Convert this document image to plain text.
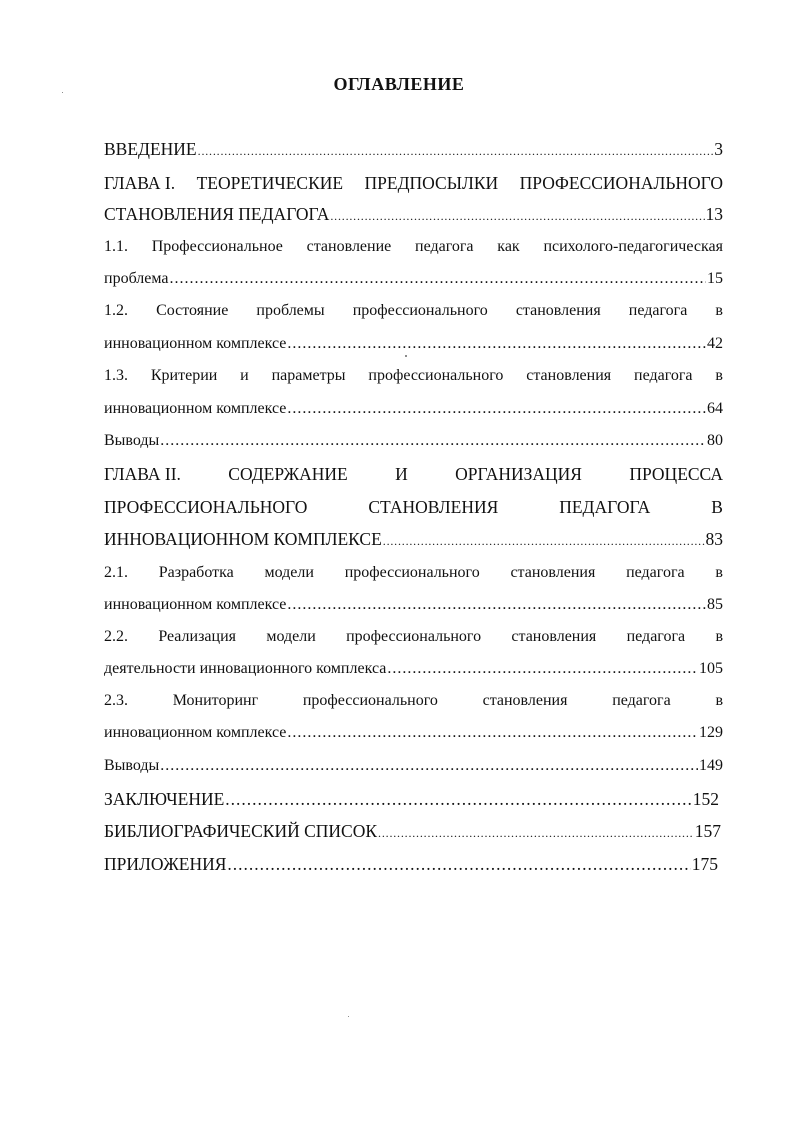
ОГЛАВЛЕНИЕ
ВВЕДЕНИЕ .....	3
ГЛАВА I. ТЕОРЕТИЧЕСКИЕ ПРЕДПОСЫЛКИ ПРОФЕССИОНАЛЬНОГО
СТАНОВЛЕНИЯ ПЕДАГОГА .....	13
1.1. Профессиональное становление педагога как психолого-педагогическая
проблема .....	15
1.2. Состояние проблемы профессионального становления педагога в
инновационном комплексе .....	42
1.3. Критерии и параметры профессионального становления педагога в
инновационном комплексе .....	64
Выводы .....	80
ГЛАВА II.	СОДЕРЖАНИЕ	И	ОРГАНИЗАЦИЯ	ПРОЦЕССА
ПРОФЕССИОНАЛЬНОГО	СТАНОВЛЕНИЯ	ПЕДАГОГА	В
ИННОВАЦИОННОМ КОМПЛЕКСЕ .....	83
2.1. Разработка модели профессионального становления педагога в
инновационном комплексе .....	85
2.2. Реализация модели профессионального становления педагога в
деятельности инновационного комплекса .....	105
2.3.	Мониторинг	профессионального	становления	педагога	в
инновационном комплексе .....	129
Выводы .....	149
ЗАКЛЮЧЕНИЕ .....	152
БИБЛИОГРАФИЧЕСКИЙ СПИСОК .....	157
ПРИЛОЖЕНИЯ .....	175
